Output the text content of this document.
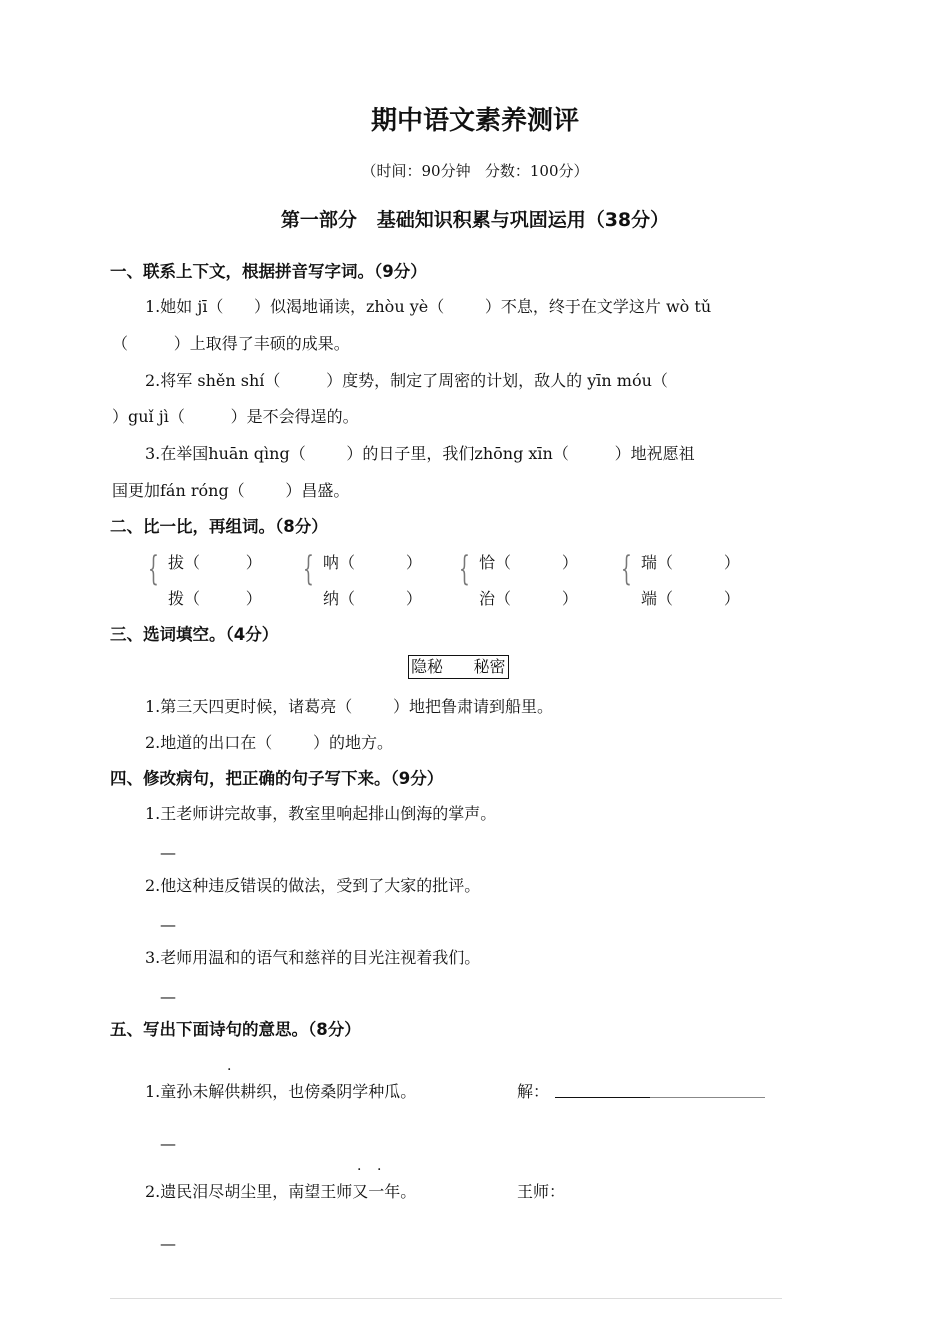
期中语文素养测评
（时间：90分钟   分数：100分）
第一部分   基础知识积累与巩固运用（38分）
一、联系上下文，根据拼音写字词。（9分）
1.她如 jī（      ）似渴地诵读，zhòu yè（        ）不息，终于在文学这片 wò tǔ
（         ）上取得了丰硕的成果。
2.将军 shěn shí（         ）度势，制定了周密的计划，敌人的 yīn móu（
）guǐ jì（         ）是不会得逞的。
3.在举国huān qìng（        ）的日子里，我们zhōng xīn（         ）地祝愿祖
国更加fán róng（        ）昌盛。
二、比一比，再组词。（8分）
{ 拔（         ）
拨（         ）
{ 呐（          ）
纳（          ）
{ 恰（          ）
治（          ）
{ 瑞（          ）
端（          ）
三、选词填空。（4分）
隐秘      秘密
1.第三天四更时候，诸葛亮（        ）地把鲁肃请到船里。
2.地道的出口在（        ）的地方。
四、修改病句，把正确的句子写下来。（9分）
1.王老师讲完故事，教室里响起排山倒海的掌声。
—
2.他这种违反错误的做法，受到了大家的批评。
—
3.老师用温和的语气和慈祥的目光注视着我们。
—
五、写出下面诗句的意思。（8分）
·
1.童孙未解供耕织，也傍桑阴学种瓜。	解：
—
· ·
2.遗民泪尽胡尘里，南望王师又一年。	王师：
—
